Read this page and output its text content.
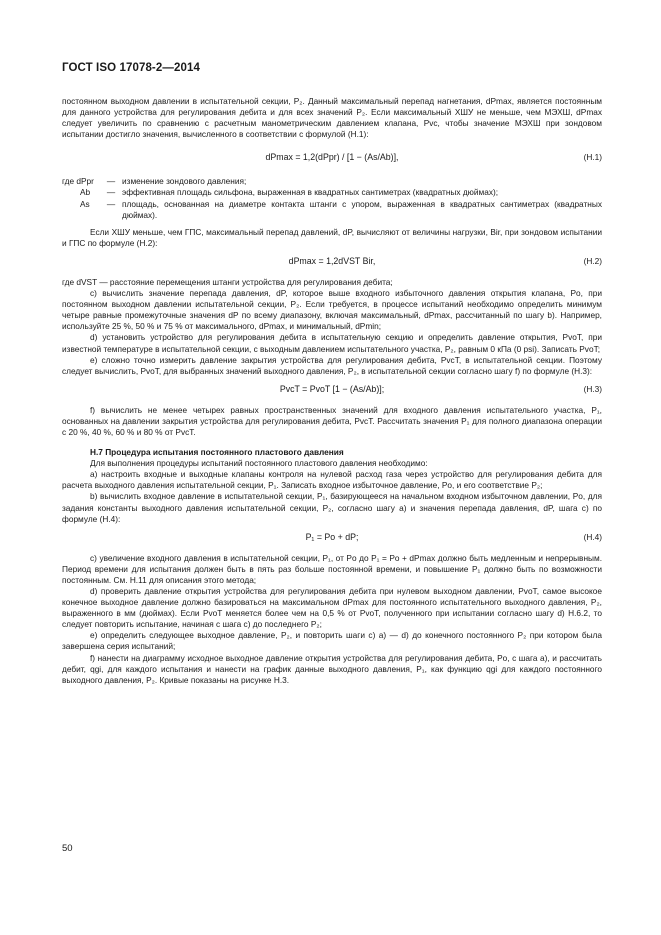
ГОСТ ISO 17078-2—2014

постоянном выходном давлении в испытательной секции, P₂. Данный максимальный перепад нагнетания, dPmax, является постоянным для данного устройства для регулирования дебита и для всех значений P₂. Если максимальный ХШУ не меньше, чем МЭХШ, dPmax следует увеличить по сравнению с расчетным манометрическим давлением клапана, Pvc, чтобы значение МЭХШ при зондовом испытании достигло значения, вычисленного в соответствии с формулой (Н.1):

dPmax = 1,2(dPpr) / [1 − (As/Ab)],	(Н.1)
где dPpr	— изменение зондового давления;
Ab	— эффективная площадь сильфона, выраженная в квадратных сантиметрах (квадратных дюймах);
As	— площадь, основанная на диаметре контакта штанги с упором, выраженная в квадратных сантиметрах (квадратных дюймах).

Если ХШУ меньше, чем ГПС, максимальный перепад давлений, dP, вычисляют от величины нагрузки, Bir, при зондовом испытании и ГПС по формуле (Н.2):

dPmax = 1,2dVST Bir,	(Н.2)

где dVST — расстояние перемещения штанги устройства для регулирования дебита;

c) вычислить значение перепада давления, dP, которое выше входного избыточного давления открытия клапана, Po, при постоянном выходном давлении испытательной секции, P₂. Если требуется, в процессе испытаний необходимо определить минимум четыре равные промежуточные значения dP по всему диапазону, включая максимальный, dPmax, рассчитанный по шагу b). Например, используйте 25 %, 50 % и 75 % от максимального, dPmax, и минимальный, dPmin;

d) установить устройство для регулирования дебита в испытательную секцию и определить давление открытия, PvoT, при известной температуре в испытательной секции, с выходным давлением испытательного участка, P₂, равным 0 кПа (0 psi). Записать PvoT;

e) сложно точно измерить давление закрытия устройства для регулирования дебита, PvcT, в испытательной секции. Поэтому следует вычислить, PvoT, для выбранных значений выходного давления, P₂, в испытательной секции согласно шагу f) по формуле (Н.3):

PvcT = PvoT [1 − (As/Ab)];	(Н.3)

f) вычислить не менее четырех равных пространственных значений для входного давления испытательного участка, P₁, основанных на давлении закрытия устройства для регулирования дебита, PvcT. Рассчитать значения P₁ для полного диапазона операции с 20 %, 40 %, 60 % и 80 % от PvcT.

Н.7 Процедура испытания постоянного пластового давления

Для выполнения процедуры испытаний постоянного пластового давления необходимо:

a) настроить входные и выходные клапаны контроля на нулевой расход газа через устройство для регулирования дебита для расчета выходного давления испытательной секции, P₁. Записать входное избыточное давление, Po, и его соответствие P₂;

b) вычислить входное давление в испытательной секции, P₁, базирующееся на начальном входном избыточном давлении, Po, для задания константы выходного давления испытательной секции, P₂, согласно шагу a) и значения перепада давления, dP, шага c) по формуле (Н.4):

P₁ = Po + dP;	(Н.4)

c) увеличение входного давления в испытательной секции, P₁, от Po до P₁ = Po + dPmax должно быть медленным и непрерывным. Период времени для испытания должен быть в пять раз больше постоянной времени, и повышение P₁ должно быть по возможности постоянным. См. Н.11 для описания этого метода;

d) проверить давление открытия устройства для регулирования дебита при нулевом выходном давлении, PvoT, самое высокое конечное выходное давление должно базироваться на максимальном dPmax для постоянного испытательного выходного давления, P₂, выраженного в мм (дюймах). Если PvoT меняется более чем на 0,5 % от PvoT, полученного при испытании согласно шагу d) Н.6.2, то следует повторить испытание, начиная с шага c) до последнего P₂;

e) определить следующее выходное давление, P₂, и повторить шаги c) a) — d) до конечного постоянного P₂ при котором была завершена серия испытаний;

f) нанести на диаграмму исходное выходное давление открытия устройства для регулирования дебита, Po, с шага a), и рассчитать дебит, qgi, для каждого испытания и нанести на график данные выходного давления, P₁, как функцию qgi для каждого постоянного выходного давления, P₂. Кривые показаны на рисунке Н.3.

50
